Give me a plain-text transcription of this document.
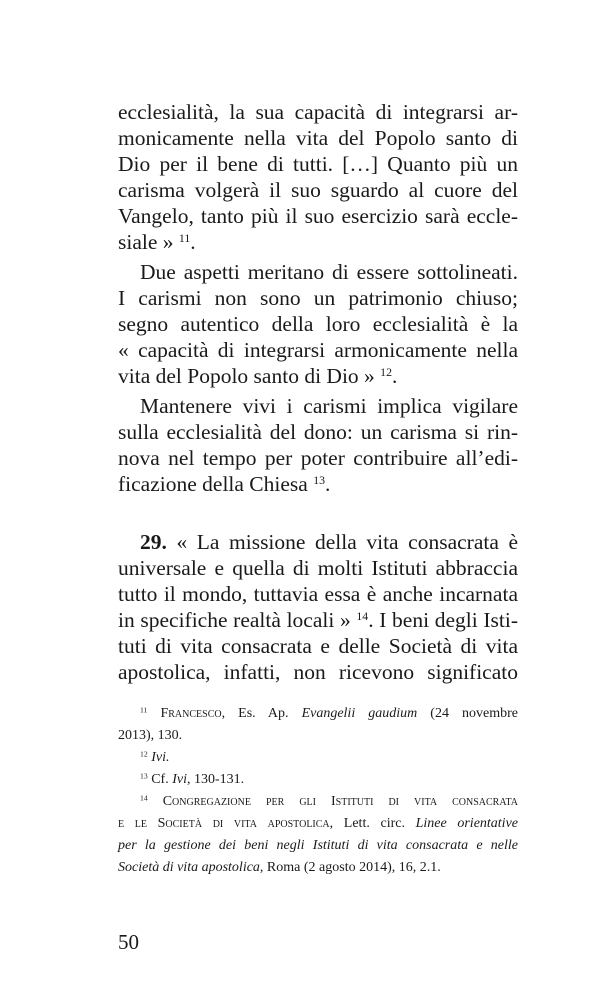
ecclesialità, la sua capacità di integrarsi ar-
monicamente nella vita del Popolo santo di
Dio per il bene di tutti. […] Quanto più un
carisma volgerà il suo sguardo al cuore del
Vangelo, tanto più il suo esercizio sarà eccle-
siale » $^{11}$.
Due aspetti meritano di essere sottolineati.
I carismi non sono un patrimonio chiuso;
segno autentico della loro ecclesialità è la
« capacità di integrarsi armonicamente nella
vita del Popolo santo di Dio » $^{12}$.
Mantenere vivi i carismi implica vigilare
sulla ecclesialità del dono: un carisma si rin-
nova nel tempo per poter contribuire all’edi-
ficazione della Chiesa $^{13}$.
29. « La missione della vita consacrata è
universale e quella di molti Istituti abbraccia
tutto il mondo, tuttavia essa è anche incarnata
in specifiche realtà locali » $^{14}$. I beni degli Isti-
tuti di vita consacrata e delle Società di vita
apostolica, infatti, non ricevono significato
$^{11}$ Francesco, Es. Ap. Evangelii gaudium (24 novembre
2013), 130.
$^{12}$ Ivi.
$^{13}$ Cf. Ivi, 130-131.
$^{14}$ Congregazione per gli Istituti di vita consacrata
e le Società di vita apostolica, Lett. circ. Linee orientative
per la gestione dei beni negli Istituti di vita consacrata e nelle
Società di vita apostolica, Roma (2 agosto 2014), 16, 2.1.
50
